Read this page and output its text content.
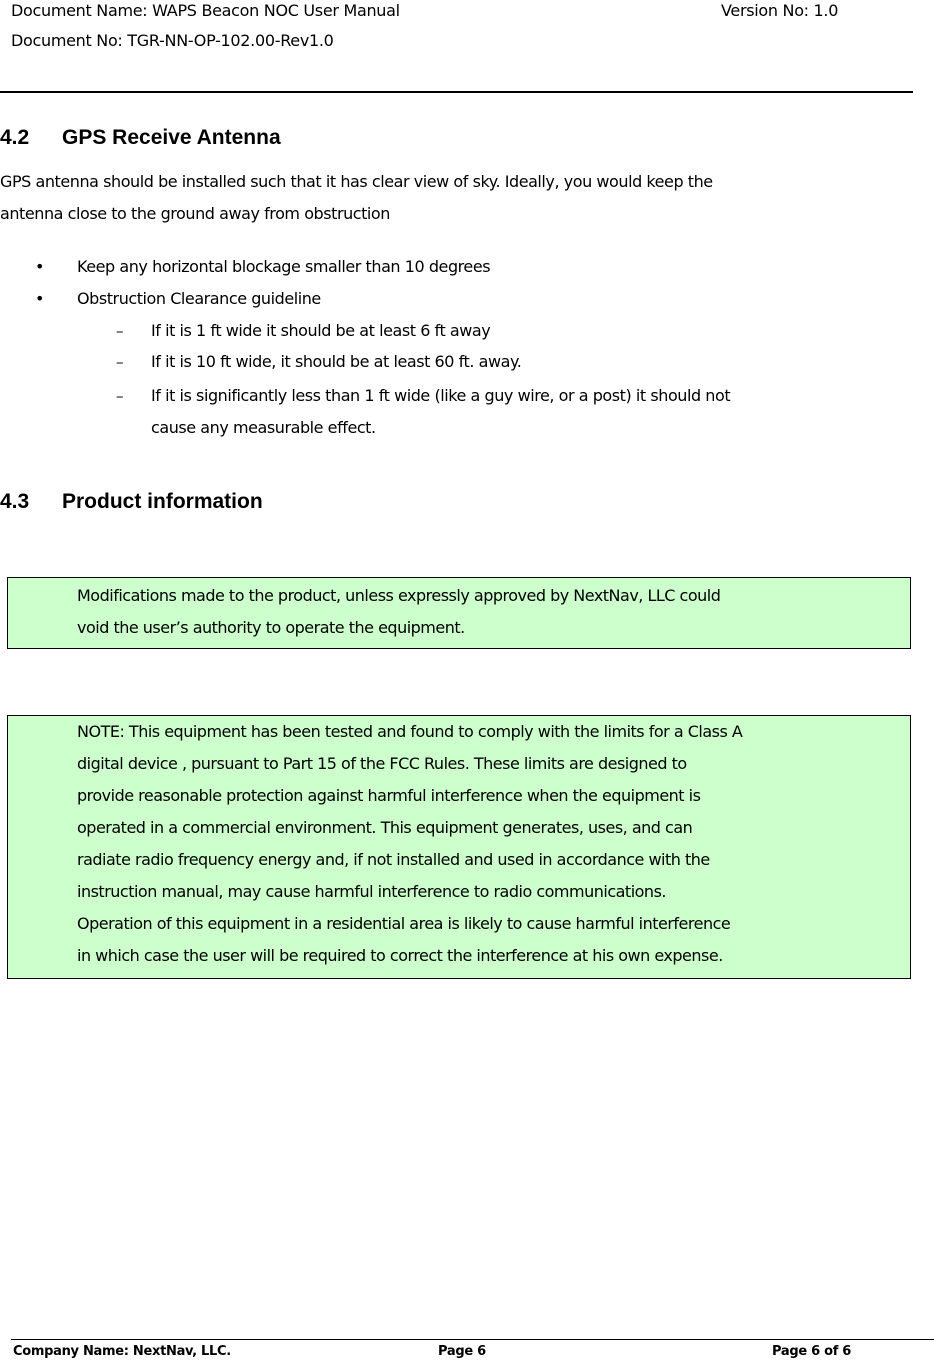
Document Name: WAPS Beacon NOC User Manual	Version No: 1.0
Document No: TGR-NN-OP-102.00-Rev1.0
4.2 GPS Receive Antenna
GPS antenna should be installed such that it has clear view of sky. Ideally, you would keep the
antenna close to the ground away from obstruction
• Keep any horizontal blockage smaller than 10 degrees
• Obstruction Clearance guideline
– If it is 1 ft wide it should be at least 6 ft away
– If it is 10 ft wide, it should be at least 60 ft. away.
– If it is significantly less than 1 ft wide (like a guy wire, or a post) it should not
cause any measurable effect.
4.3 Product information
Modifications made to the product, unless expressly approved by NextNav, LLC could
void the user’s authority to operate the equipment.
NOTE: This equipment has been tested and found to comply with the limits for a Class A
digital device , pursuant to Part 15 of the FCC Rules. These limits are designed to
provide reasonable protection against harmful interference when the equipment is
operated in a commercial environment. This equipment generates, uses, and can
radiate radio frequency energy and, if not installed and used in accordance with the
instruction manual, may cause harmful interference to radio communications.
Operation of this equipment in a residential area is likely to cause harmful interference
in which case the user will be required to correct the interference at his own expense.
Company Name: NextNav, LLC.	Page 6	Page 6 of 6
